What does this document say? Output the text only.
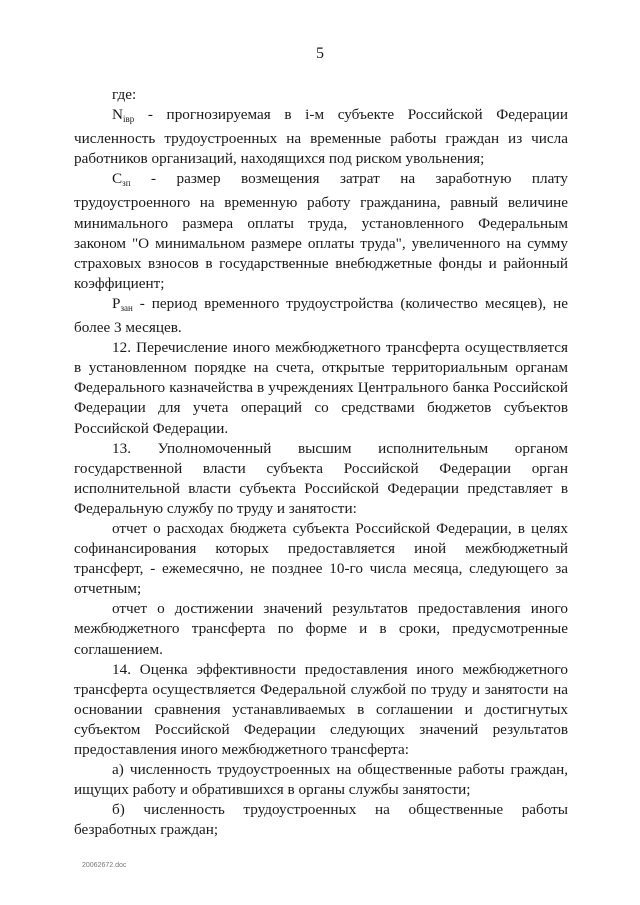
5

где:

$N_{iвр}$ - прогнозируемая в i-м субъекте Российской Федерации численность трудоустроенных на временные работы граждан из числа работников организаций, находящихся под риском увольнения;

$C_{зп}$ - размер возмещения затрат на заработную плату трудоустроенного на временную работу гражданина, равный величине минимального размера оплаты труда, установленного Федеральным законом "О минимальном размере оплаты труда", увеличенного на сумму страховых взносов в государственные внебюджетные фонды и районный коэффициент;

$P_{зан}$ - период временного трудоустройства (количество месяцев), не более 3 месяцев.

12. Перечисление иного межбюджетного трансферта осуществляется в установленном порядке на счета, открытые территориальным органам Федерального казначейства в учреждениях Центрального банка Российской Федерации для учета операций со средствами бюджетов субъектов Российской Федерации.

13. Уполномоченный высшим исполнительным органом государственной власти субъекта Российской Федерации орган исполнительной власти субъекта Российской Федерации представляет в Федеральную службу по труду и занятости:

отчет о расходах бюджета субъекта Российской Федерации, в целях софинансирования которых предоставляется иной межбюджетный трансферт, - ежемесячно, не позднее 10-го числа месяца, следующего за отчетным;

отчет о достижении значений результатов предоставления иного межбюджетного трансферта по форме и в сроки, предусмотренные соглашением.

14. Оценка эффективности предоставления иного межбюджетного трансферта осуществляется Федеральной службой по труду и занятости на основании сравнения устанавливаемых в соглашении и достигнутых субъектом Российской Федерации следующих значений результатов предоставления иного межбюджетного трансферта:

а) численность трудоустроенных на общественные работы граждан, ищущих работу и обратившихся в органы службы занятости;

б) численность трудоустроенных на общественные работы безработных граждан;

20062672.doc
